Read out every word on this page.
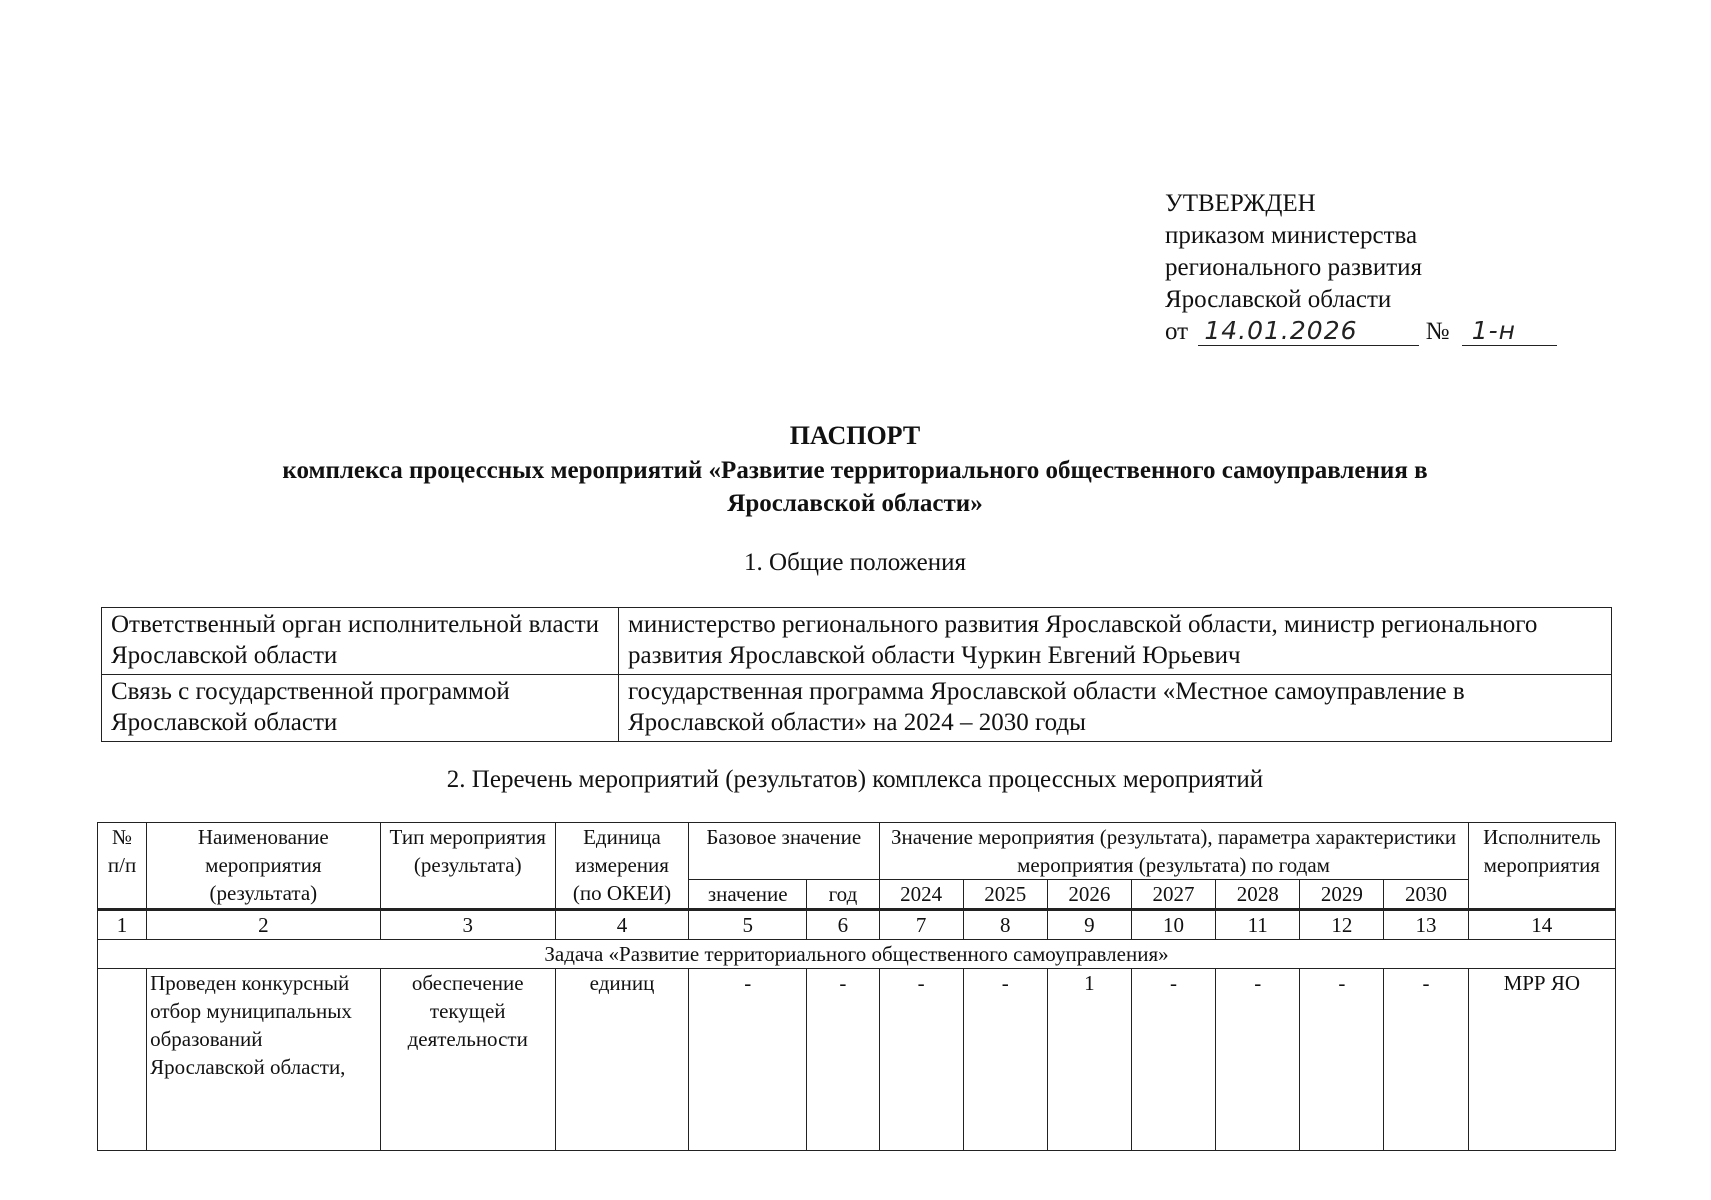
УТВЕРЖДЕН
приказом министерства
регионального развития
Ярославской области
от 14.01.2026	№ 1-н
ПАСПОРТ
комплекса процессных мероприятий «Развитие территориального общественного самоуправления в Ярославской области»
1. Общие положения
Ответственный орган исполнительной власти Ярославской области	министерство регионального развития Ярославской области, министр регионального развития Ярославской области Чуркин Евгений Юрьевич
Связь с государственной программой Ярославской области	государственная программа Ярославской области «Местное самоуправление в Ярославской области» на 2024 – 2030 годы
2. Перечень мероприятий (результатов) комплекса процессных мероприятий
№ п/п	Наименование мероприятия (результата)	Тип мероприятия (результата)	Единица измерения (по ОКЕИ)	Базовое значение		Значение мероприятия (результата), параметра характеристики мероприятия (результата) по годам							Исполнитель мероприятия

				значение	год	2024	2025	2026	2027	2028	2029	2030	
1	2	3	4	5	6	7	8	9	10	11	12	13	14
Задача «Развитие территориального общественного самоуправления»													
	Проведен конкурсный отбор муниципальных образований Ярославской области,	обеспечение текущей деятельности	единиц	-	-	-	-	1	-	-	-	-	МРР ЯО
